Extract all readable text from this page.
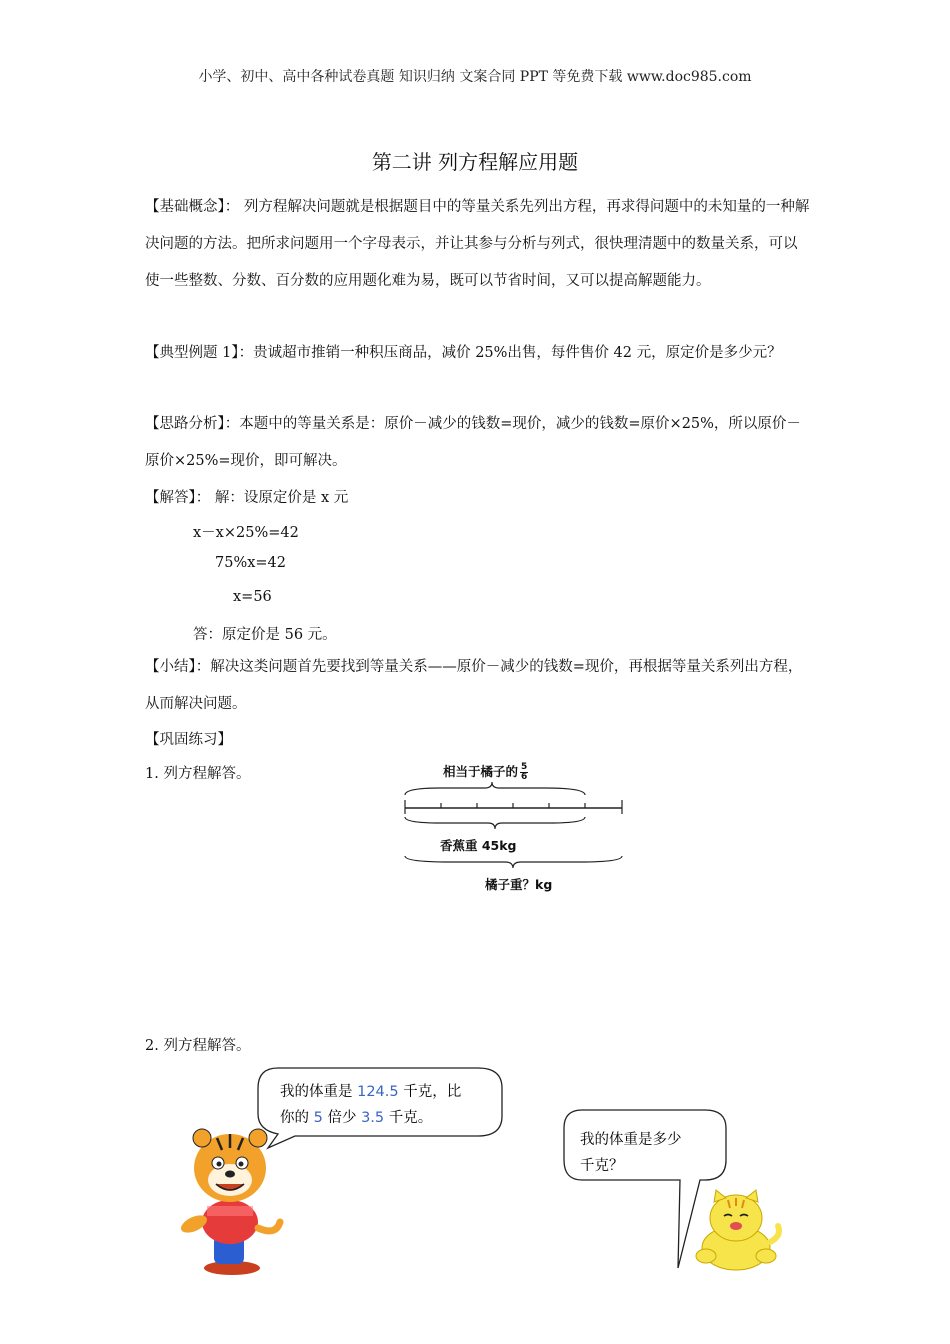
小学、初中、高中各种试卷真题 知识归纳 文案合同 PPT 等免费下载 www.doc985.com
第二讲 列方程解应用题
【基础概念】： 列方程解决问题就是根据题目中的等量关系先列出方程，再求得问题中的未知量的一种解决问题的方法。把所求问题用一个字母表示，并让其参与分析与列式，很快理清题中的数量关系，可以使一些整数、分数、百分数的应用题化难为易，既可以节省时间，又可以提高解题能力。
【典型例题 1】：贵诚超市推销一种积压商品，减价 25%出售，每件售价 42 元，原定价是多少元？
【思路分析】：本题中的等量关系是：原价－减少的钱数=现价，减少的钱数=原价×25%，所以原价－原价×25%=现价，即可解决。
【解答】： 解：设原定价是 x 元
x－x×25%=42
75%x=42
x=56
答：原定价是 56 元。
【小结】：解决这类问题首先要找到等量关系——原价－减少的钱数=现价，再根据等量关系列出方程，从而解决问题。
【巩固练习】
1. 列方程解答。	相当于橘子的 $\frac{5}{6}$
香蕉重 45kg
橘子重？kg
2. 列方程解答。
我的体重是 124.5 千克，比
你的 5 倍少 3.5 千克。
我的体重是多少
千克？
